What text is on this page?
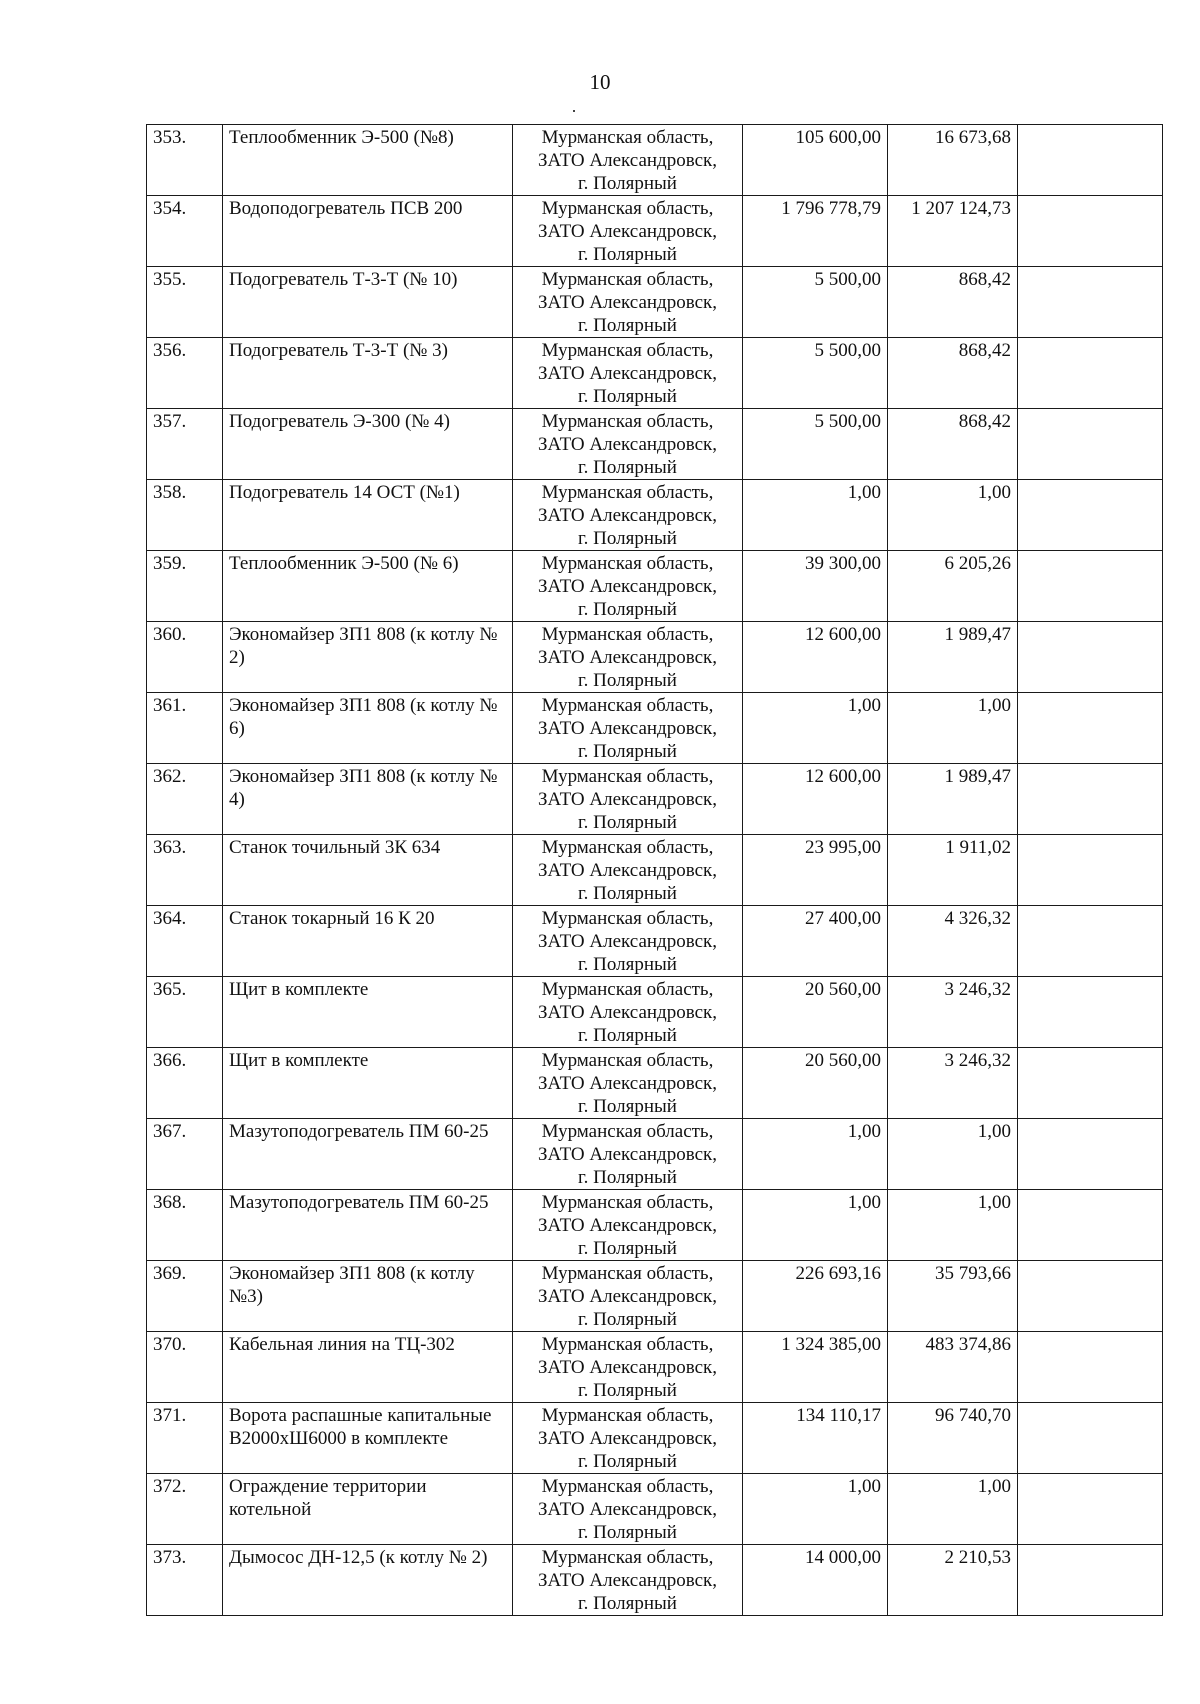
10
353.	Теплообменник Э-500 (№8)	Мурманская область,
ЗАТО Александровск,
г. Полярный	105 600,00	16 673,68	
354.	Водоподогреватель ПСВ 200	Мурманская область,
ЗАТО Александровск,
г. Полярный	1 796 778,79	1 207 124,73	
355.	Подогреватель Т-3-Т (№ 10)	Мурманская область,
ЗАТО Александровск,
г. Полярный	5 500,00	868,42	
356.	Подогреватель Т-3-Т (№ 3)	Мурманская область,
ЗАТО Александровск,
г. Полярный	5 500,00	868,42	
357.	Подогреватель Э-300 (№ 4)	Мурманская область,
ЗАТО Александровск,
г. Полярный	5 500,00	868,42	
358.	Подогреватель 14 ОСТ (№1)	Мурманская область,
ЗАТО Александровск,
г. Полярный	1,00	1,00	
359.	Теплообменник Э-500 (№ 6)	Мурманская область,
ЗАТО Александровск,
г. Полярный	39 300,00	6 205,26	
360.	Экономайзер ЗП1 808 (к котлу № 2)	Мурманская область,
ЗАТО Александровск,
г. Полярный	12 600,00	1 989,47	
361.	Экономайзер ЗП1 808 (к котлу № 6)	Мурманская область,
ЗАТО Александровск,
г. Полярный	1,00	1,00	
362.	Экономайзер ЗП1 808 (к котлу № 4)	Мурманская область,
ЗАТО Александровск,
г. Полярный	12 600,00	1 989,47	
363.	Станок точильный 3К 634	Мурманская область,
ЗАТО Александровск,
г. Полярный	23 995,00	1 911,02	
364.	Станок токарный 16 К 20	Мурманская область,
ЗАТО Александровск,
г. Полярный	27 400,00	4 326,32	
365.	Щит в комплекте	Мурманская область,
ЗАТО Александровск,
г. Полярный	20 560,00	3 246,32	
366.	Щит в комплекте	Мурманская область,
ЗАТО Александровск,
г. Полярный	20 560,00	3 246,32	
367.	Мазутоподогреватель ПМ 60-25	Мурманская область,
ЗАТО Александровск,
г. Полярный	1,00	1,00	
368.	Мазутоподогреватель ПМ 60-25	Мурманская область,
ЗАТО Александровск,
г. Полярный	1,00	1,00	
369.	Экономайзер ЗП1 808 (к котлу №3)	Мурманская область,
ЗАТО Александровск,
г. Полярный	226 693,16	35 793,66	
370.	Кабельная линия на ТЦ-302	Мурманская область,
ЗАТО Александровск,
г. Полярный	1 324 385,00	483 374,86	
371.	Ворота распашные капитальные В2000хШ6000 в комплекте	Мурманская область,
ЗАТО Александровск,
г. Полярный	134 110,17	96 740,70	
372.	Ограждение территории котельной	Мурманская область,
ЗАТО Александровск,
г. Полярный	1,00	1,00	
373.	Дымосос ДН-12,5 (к котлу № 2)	Мурманская область,
ЗАТО Александровск,
г. Полярный	14 000,00	2 210,53	
